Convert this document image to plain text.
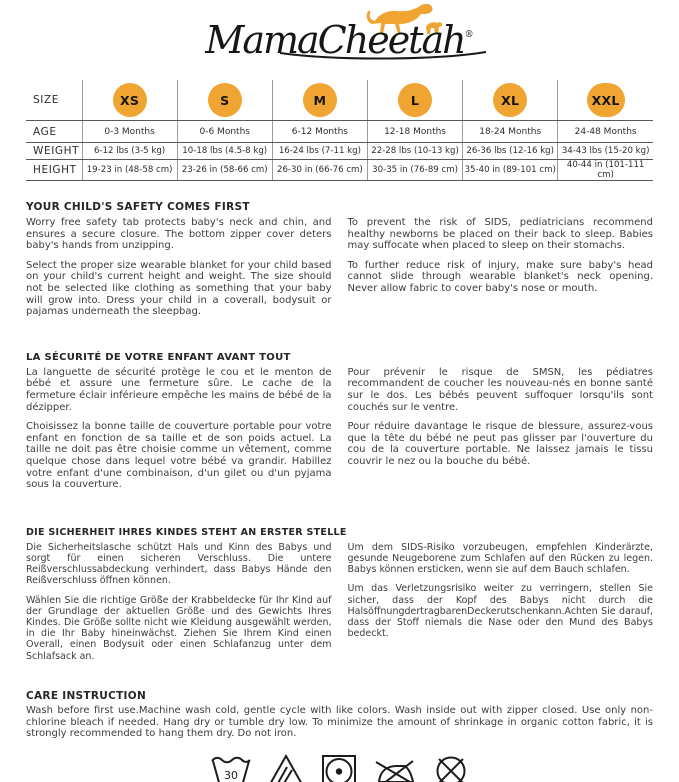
MamaCheetah®
SIZE	XS	S	M	L	XL	XXL
AGE	0-3 Months	0-6 Months	6-12 Months	12-18 Months	18-24 Months	24-48 Months
WEIGHT	6-12 lbs (3-5 kg)	10-18 lbs (4.5-8 kg)	16-24 lbs (7-11 kg)	22-28 lbs (10-13 kg)	26-36 lbs (12-16 kg)	34-43 lbs (15-20 kg)
HEIGHT	19-23 in (48-58 cm)	23-26 in (58-66 cm)	26-30 in (66-76 cm)	30-35 in (76-89 cm)	35-40 in (89-101 cm)	40-44 in (101-111 cm)
YOUR CHILD'S SAFETY COMES FIRST

Worry free safety tab protects baby's neck and chin, and ensures a secure closure. The bottom zipper cover deters baby's hands from unzipping.

Select the proper size wearable blanket for your child based on your child's current height and weight. The size should not be selected like clothing as something that your baby will grow into. Dress your child in a coverall, bodysuit or pajamas underneath the sleepbag.

To prevent the risk of SIDS, pediatricians recommend healthy newborns be placed on their back to sleep. Babies may suffocate when placed to sleep on their stomachs.

To further reduce risk of injury, make sure baby's head cannot slide through wearable blanket's neck opening. Never allow fabric to cover baby's nose or mouth.

LA SÉCURITÉ DE VOTRE ENFANT AVANT TOUT

La languette de sécurité protège le cou et le menton de bébé et assure une fermeture sûre. Le cache de la fermeture éclair inférieure empêche les mains de bébé de la dézipper.

Choisissez la bonne taille de couverture portable pour votre enfant en fonction de sa taille et de son poids actuel. La taille ne doit pas être choisie comme un vêtement, comme quelque chose dans lequel votre bébé va grandir. Habillez votre enfant d'une combinaison, d'un gilet ou d'un pyjama sous la couverture.

Pour prévenir le risque de SMSN, les pédiatres recommandent de coucher les nouveau-nés en bonne santé sur le dos. Les bébés peuvent suffoquer lorsqu'ils sont couchés sur le ventre.

Pour réduire davantage le risque de blessure, assurez-vous que la tête du bébé ne peut pas glisser par l'ouverture du cou de la couverture portable. Ne laissez jamais le tissu couvrir le nez ou la bouche du bébé.

DIE SICHERHEIT IHRES KINDES STEHT AN ERSTER STELLE

Die Sicherheitslasche schützt Hals und Kinn des Babys und sorgt für einen sicheren Verschluss. Die untere Reißverschlussabdeckung verhindert, dass Babys Hände den Reißverschluss öffnen können.

Wählen Sie die richtige Größe der Krabbeldecke für Ihr Kind auf der Grundlage der aktuellen Größe und des Gewichts Ihres Kindes. Die Größe sollte nicht wie Kleidung ausgewählt werden, in die Ihr Baby hineinwächst. Ziehen Sie Ihrem Kind einen Overall, einen Bodysuit oder einen Schlafanzug unter dem Schlafsack an.

Um dem SIDS-Risiko vorzubeugen, empfehlen Kinderärzte, gesunde Neugeborene zum Schlafen auf den Rücken zu legen. Babys können ersticken, wenn sie auf dem Bauch schlafen.

Um das Verletzungsrisiko weiter zu verringern, stellen Sie sicher, dass der Kopf des Babys nicht durch die HalsöffnungdertragbarenDeckerutschenkann.Achten Sie darauf, dass der Stoff niemals die Nase oder den Mund des Babys bedeckt.

CARE INSTRUCTION

Wash before first use.Machine wash cold, gentle cycle with like colors. Wash inside out with zipper closed. Use only non-chlorine bleach if needed. Hang dry or tumble dry low. To minimize the amount of shrinkage in organic cotton fabric, it is strongly recommended to hang them dry. Do not iron.

30
